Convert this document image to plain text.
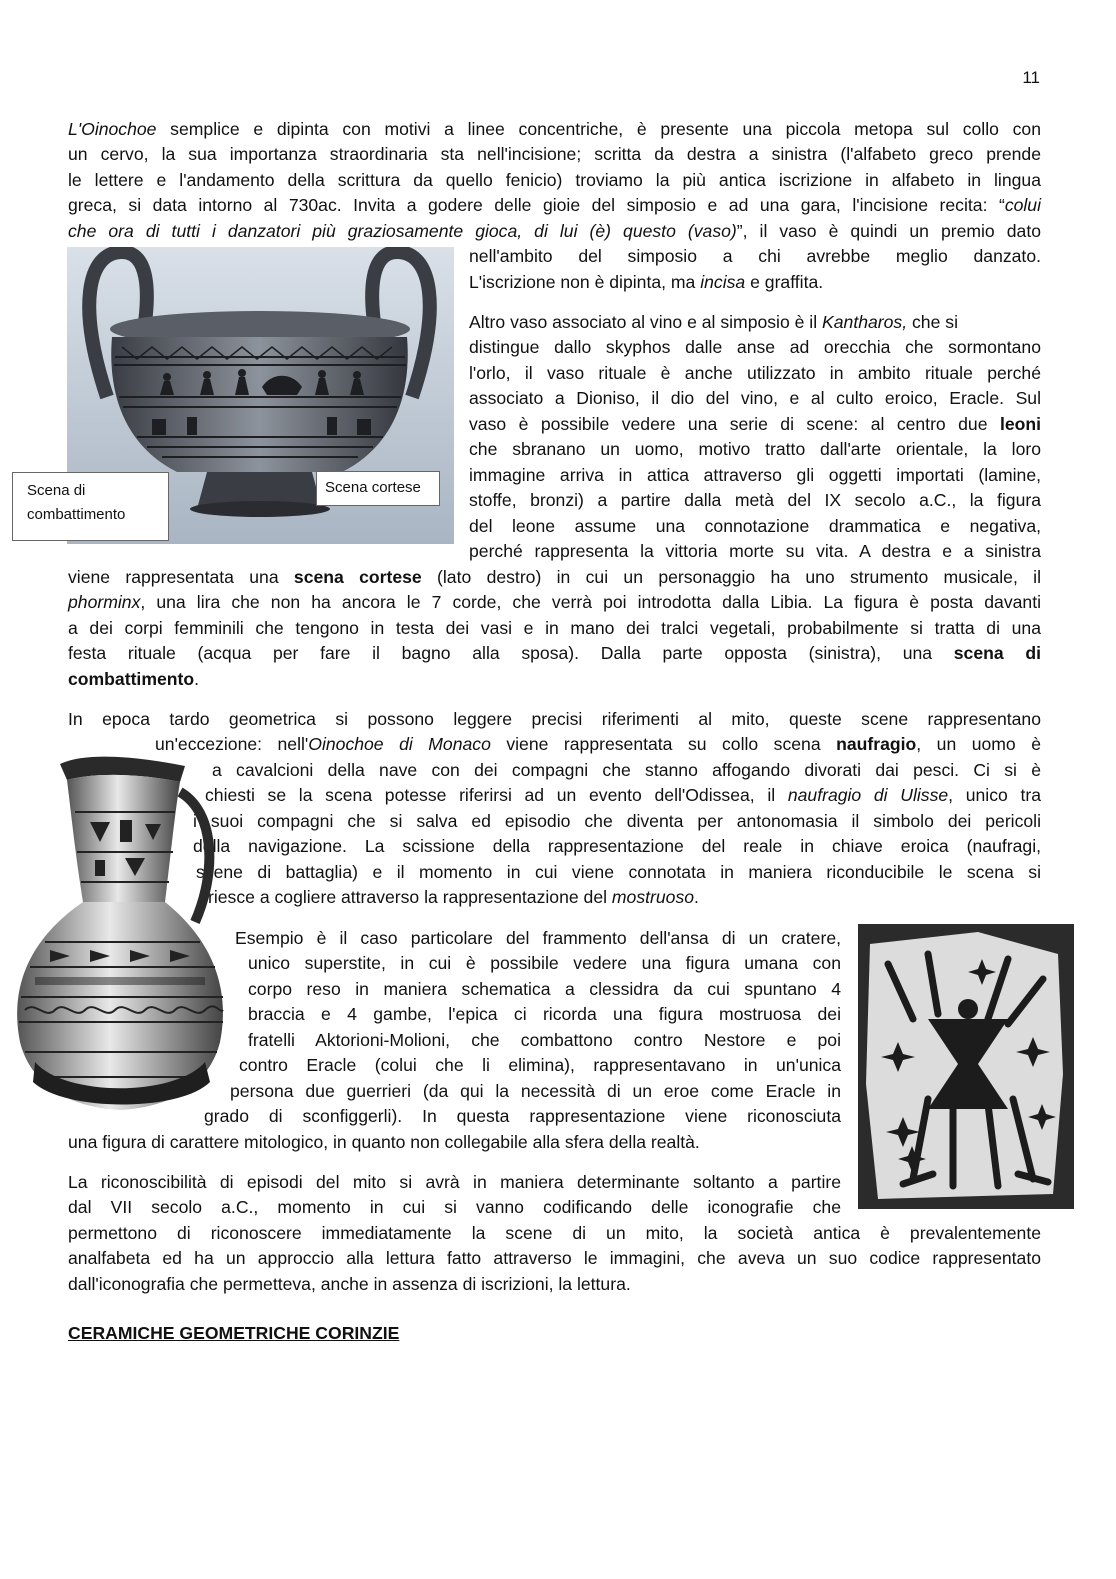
11
L'Oinochoe semplice e dipinta con motivi a linee concentriche, è presente una piccola metopa sul collo con
un cervo, la sua importanza straordinaria sta nell'incisione; scritta da destra a sinistra (l'alfabeto greco prende
le lettere e l'andamento della scrittura da quello fenicio) troviamo la più antica iscrizione in alfabeto in lingua
greca, si data intorno al 730ac. Invita a godere delle gioie del simposio e ad una gara, l'incisione recita: “colui
che ora di tutti i danzatori più graziosamente gioca, di lui (è) questo (vaso)”, il vaso è quindi un premio dato
nell'ambito del simposio a chi avrebbe meglio danzato.
L'iscrizione non è dipinta, ma incisa e graffita.
Scena di combattimento
Scena cortese
Altro vaso associato al vino e al simposio è il Kantharos, che si
distingue dallo skyphos dalle anse ad orecchia che sormontano
l'orlo, il vaso rituale è anche utilizzato in ambito rituale perché
associato a Dioniso, il dio del vino, e al culto eroico, Eracle. Sul
vaso è possibile vedere una serie di scene: al centro due leoni
che sbranano un uomo, motivo tratto dall'arte orientale, la loro
immagine arriva in attica attraverso gli oggetti importati (lamine,
stoffe, bronzi) a partire dalla metà del IX secolo a.C., la figura
del leone assume una connotazione drammatica e negativa,
perché rappresenta la vittoria morte su vita. A destra e a sinistra
viene rappresentata una scena cortese (lato destro) in cui un personaggio ha uno strumento musicale, il
phorminx, una lira che non ha ancora le 7 corde, che verrà poi introdotta dalla Libia. La figura è posta davanti
a dei corpi femminili che tengono in testa dei vasi e in mano dei tralci vegetali, probabilmente si tratta di una
festa rituale (acqua per fare il bagno alla sposa). Dalla parte opposta (sinistra), una scena di
combattimento.
In epoca tardo geometrica si possono leggere precisi riferimenti al mito, queste scene rappresentano
un'eccezione: nell'Oinochoe di Monaco viene rappresentata su collo scena naufragio, un uomo è
a cavalcioni della nave con dei compagni che stanno affogando divorati dai pesci. Ci si è
chiesti se la scena potesse riferirsi ad un evento dell'Odissea, il naufragio di Ulisse, unico tra
i suoi compagni che si salva ed episodio che diventa per antonomasia il simbolo dei pericoli
della navigazione. La scissione della rappresentazione del reale in chiave eroica (naufragi,
scene di battaglia) e il momento in cui viene connotata in maniera riconducibile le scena si
riesce a cogliere attraverso la rappresentazione del mostruoso.
Esempio è il caso particolare del frammento dell'ansa di un cratere,
unico superstite, in cui è possibile vedere una figura umana con
corpo reso in maniera schematica a clessidra da cui spuntano 4
braccia e 4 gambe, l'epica ci ricorda una figura mostruosa dei
fratelli Aktorioni-Molioni, che combattono contro Nestore e poi
contro Eracle (colui che li elimina), rappresentavano in un'unica
persona due guerrieri (da qui la necessità di un eroe come Eracle in
grado di sconfiggerli). In questa rappresentazione viene riconosciuta
una figura di carattere mitologico, in quanto non collegabile alla sfera della realtà.
La riconoscibilità di episodi del mito si avrà in maniera determinante soltanto a partire
dal VII secolo a.C., momento in cui si vanno codificando delle iconografie che
permettono di riconoscere immediatamente la scene di un mito, la società antica è prevalentemente
analfabeta ed ha un approccio alla lettura fatto attraverso le immagini, che aveva un suo codice rappresentato
dall'iconografia che permetteva, anche in assenza di iscrizioni, la lettura.
CERAMICHE GEOMETRICHE CORINZIE
